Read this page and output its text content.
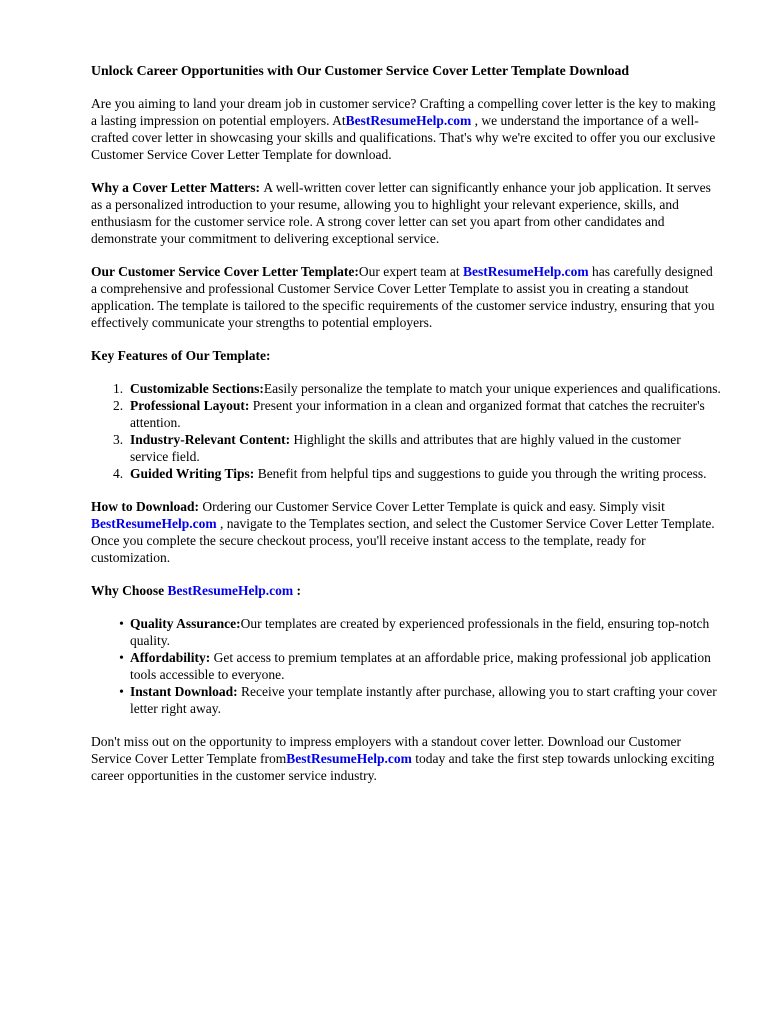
Unlock Career Opportunities with Our Customer Service Cover Letter Template Download

Are you aiming to land your dream job in customer service? Crafting a compelling cover letter is the key to making a lasting impression on potential employers. AtBestResumeHelp.com , we understand the importance of a well-crafted cover letter in showcasing your skills and qualifications. That's why we're excited to offer you our exclusive Customer Service Cover Letter Template for download.

Why a Cover Letter Matters: A well-written cover letter can significantly enhance your job application. It serves as a personalized introduction to your resume, allowing you to highlight your relevant experience, skills, and enthusiasm for the customer service role. A strong cover letter can set you apart from other candidates and demonstrate your commitment to delivering exceptional service.

Our Customer Service Cover Letter Template:Our expert team at BestResumeHelp.com has carefully designed a comprehensive and professional Customer Service Cover Letter Template to assist you in creating a standout application. The template is tailored to the specific requirements of the customer service industry, ensuring that you effectively communicate your strengths to potential employers.

Key Features of Our Template:

1. Customizable Sections:Easily personalize the template to match your unique experiences and qualifications.
2. Professional Layout: Present your information in a clean and organized format that catches the recruiter's attention.
3. Industry-Relevant Content: Highlight the skills and attributes that are highly valued in the customer service field.
4. Guided Writing Tips: Benefit from helpful tips and suggestions to guide you through the writing process.

How to Download: Ordering our Customer Service Cover Letter Template is quick and easy. Simply visit BestResumeHelp.com , navigate to the Templates section, and select the Customer Service Cover Letter Template. Once you complete the secure checkout process, you'll receive instant access to the template, ready for customization.

Why Choose BestResumeHelp.com :

• Quality Assurance:Our templates are created by experienced professionals in the field, ensuring top-notch quality.
• Affordability: Get access to premium templates at an affordable price, making professional job application tools accessible to everyone.
• Instant Download: Receive your template instantly after purchase, allowing you to start crafting your cover letter right away.

Don't miss out on the opportunity to impress employers with a standout cover letter. Download our Customer Service Cover Letter Template fromBestResumeHelp.com today and take the first step towards unlocking exciting career opportunities in the customer service industry.
